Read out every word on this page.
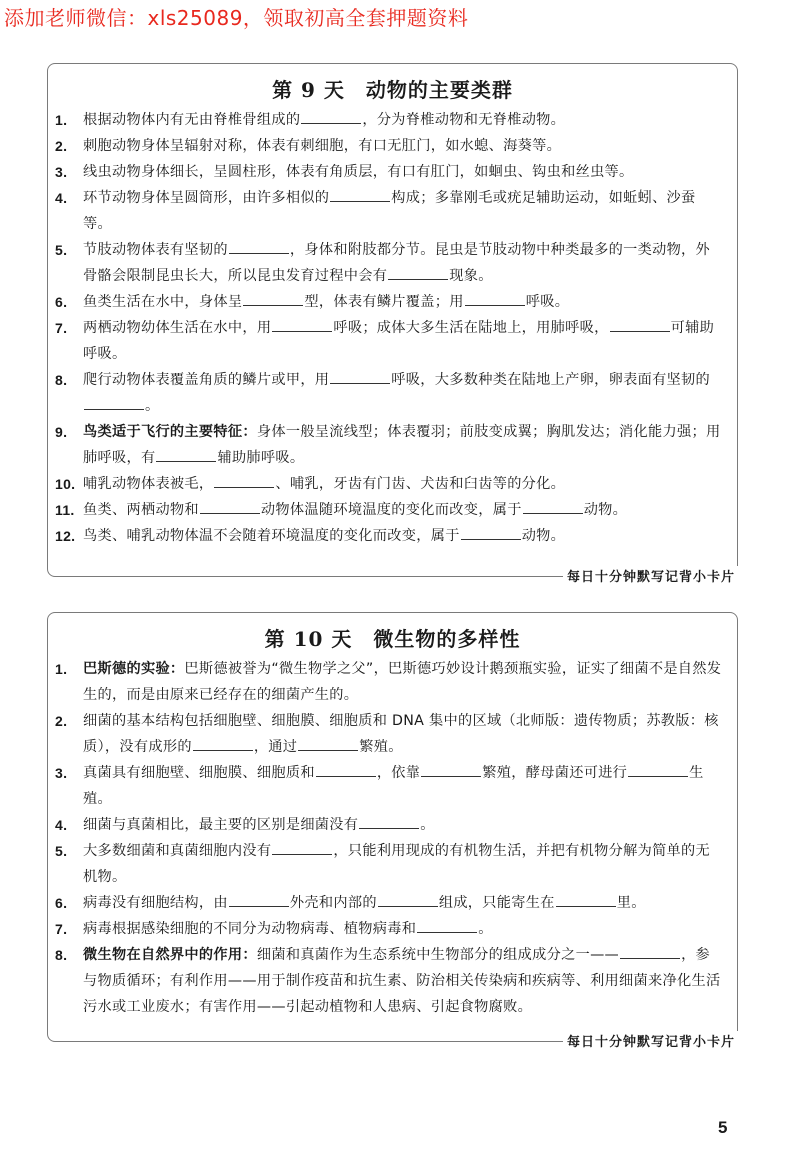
添加老师微信：xls25089，领取初高全套押题资料
第 9 天　动物的主要类群
1. 根据动物体内有无由脊椎骨组成的	，分为脊椎动物和无脊椎动物。
2. 刺胞动物身体呈辐射对称，体表有刺细胞，有口无肛门，如水螅、海葵等。
3. 线虫动物身体细长，呈圆柱形，体表有角质层，有口有肛门，如蛔虫、钩虫和丝虫等。
4. 环节动物身体呈圆筒形，由许多相似的	构成；多靠刚毛或疣足辅助运动，如蚯蚓、沙蚕等。
5. 节肢动物体表有坚韧的	，身体和附肢都分节。昆虫是节肢动物中种类最多的一类动物，外骨骼会限制昆虫长大，所以昆虫发育过程中会有	现象。
6. 鱼类生活在水中，身体呈	型，体表有鳞片覆盖；用	呼吸。
7. 两栖动物幼体生活在水中，用	呼吸；成体大多生活在陆地上，用肺呼吸，	可辅助呼吸。
8. 爬行动物体表覆盖角质的鳞片或甲，用	呼吸，大多数种类在陆地上产卵，卵表面有坚韧的。
9. 鸟类适于飞行的主要特征：身体一般呈流线型；体表覆羽；前肢变成翼；胸肌发达；消化能力强；用肺呼吸，有	辅助肺呼吸。
10. 哺乳动物体表被毛，	、哺乳，牙齿有门齿、犬齿和臼齿等的分化。
11. 鱼类、两栖动物和	动物体温随环境温度的变化而改变，属于	动物。
12. 鸟类、哺乳动物体温不会随着环境温度的变化而改变，属于	动物。
每日十分钟默写记背小卡片
第 10 天　微生物的多样性
1. 巴斯德的实验：巴斯德被誉为“微生物学之父”，巴斯德巧妙设计鹅颈瓶实验，证实了细菌不是自然发生的，而是由原来已经存在的细菌产生的。
2. 细菌的基本结构包括细胞壁、细胞膜、细胞质和 DNA 集中的区域（北师版：遗传物质；苏教版：核质），没有成形的	，通过	繁殖。
3. 真菌具有细胞壁、细胞膜、细胞质和	，依靠	繁殖，酵母菌还可进行	生殖。
4. 细菌与真菌相比，最主要的区别是细菌没有	。
5. 大多数细菌和真菌细胞内没有	，只能利用现成的有机物生活，并把有机物分解为简单的无机物。
6. 病毒没有细胞结构，由	外壳和内部的	组成，只能寄生在	里。
7. 病毒根据感染细胞的不同分为动物病毒、植物病毒和	。
8. 微生物在自然界中的作用：细菌和真菌作为生态系统中生物部分的组成成分之一——	，参与物质循环；有利作用——用于制作疫苗和抗生素、防治相关传染病和疾病等、利用细菌来净化生活污水或工业废水；有害作用——引起动植物和人患病、引起食物腐败。
每日十分钟默写记背小卡片
5
